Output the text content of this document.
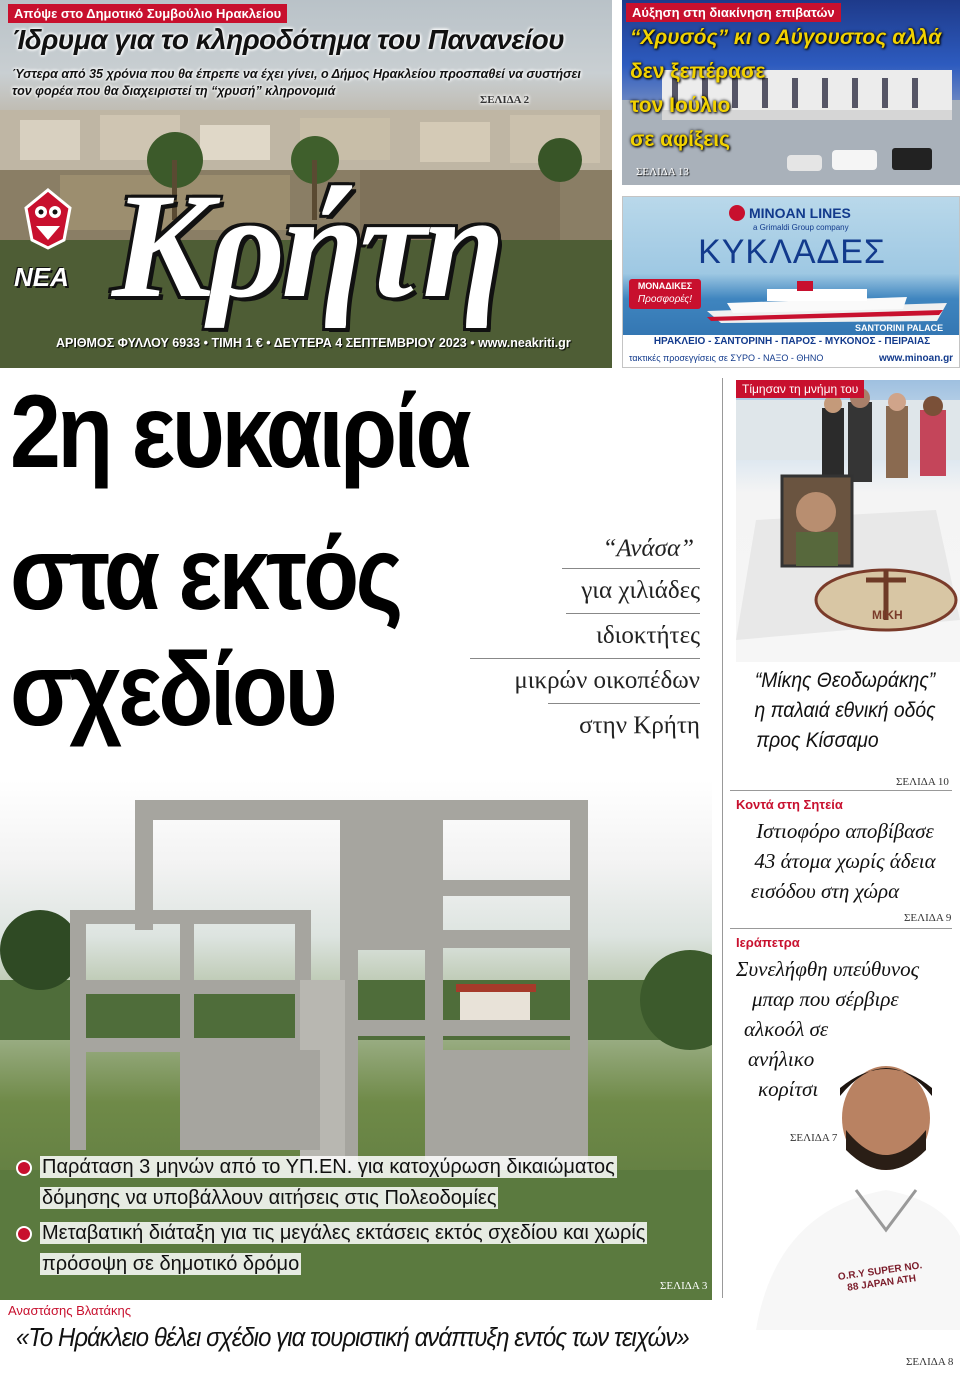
Απόψε στο Δημοτικό Συμβούλιο Ηρακλείου
Ίδρυμα για το κληροδότημα του Πανανείου
Ύστερα από 35 χρόνια που θα έπρεπε να έχει γίνει, ο Δήμος Ηρακλείου προσπαθεί να συστήσει τον φορέα που θα διαχειριστεί τη “χρυσή” κληρονομιά
ΣΕΛΙΔΑ 2
ΝΕΑ Κρήτη
ΑΡΙΘΜΟΣ ΦΥΛΛΟΥ 6933 • ΤΙΜΗ 1 € • ΔΕΥΤΕΡΑ 4 ΣΕΠΤΕΜΒΡΙΟΥ 2023 • www.neakriti.gr
Αύξηση στη διακίνηση επιβατών
“Χρυσός” κι ο Αύγουστος αλλά
δεν ξεπέρασε
τον Ιούλιο
σε αφίξεις
ΣΕΛΙΔΑ 13
MINOAN LINES
a Grimaldi Group company
ΚΥΚΛΑΔΕΣ
ΜΟΝΑΔΙΚΕΣ
Προσφορές!
SANTORINI PALACE
ΗΡΑΚΛΕΙΟ - ΣΑΝΤΟΡΙΝΗ - ΠΑΡΟΣ - ΜΥΚΟΝΟΣ - ΠΕΙΡΑΙΑΣ
τακτικές προσεγγίσεις σε ΣΥΡΟ - ΝΑΞΟ - ΘΗΝΟ	www.minoan.gr
2η ευκαιρία
στα εκτός
σχεδίου
“Ανάσα”
για χιλιάδες
ιδιοκτήτες
μικρών οικοπέδων
στην Κρήτη
Παράταση 3 μηνών από το ΥΠ.ΕΝ. για κατοχύρωση δικαιώματος δόμησης να υποβάλλουν αιτήσεις στις Πολεοδομίες
Μεταβατική διάταξη για τις μεγάλες εκτάσεις εκτός σχεδίου και χωρίς πρόσοψη σε δημοτικό δρόμο
ΣΕΛΙΔΑ 3
Τίμησαν τη μνήμη του
ΜΙΚΗ
“Μίκης Θεοδωράκης”
η παλαιά εθνική οδός
προς Κίσσαμο
ΣΕΛΙΔΑ 10
Κοντά στη Σητεία
Ιστιοφόρο αποβίβασε
43 άτομα χωρίς άδεια
εισόδου στη χώρα
ΣΕΛΙΔΑ 9
O.R.Y SUPER NO. 88 JAPAN ATH
Ιεράπετρα
Συνελήφθη υπεύθυνος
μπαρ που σέρβιρε
αλκοόλ σε
ανήλικο
κορίτσι
ΣΕΛΙΔΑ 7
Αναστάσης Βλατάκης
«Το Ηράκλειο θέλει σχέδιο για τουριστική ανάπτυξη εντός των τειχών»
ΣΕΛΙΔΑ 8
